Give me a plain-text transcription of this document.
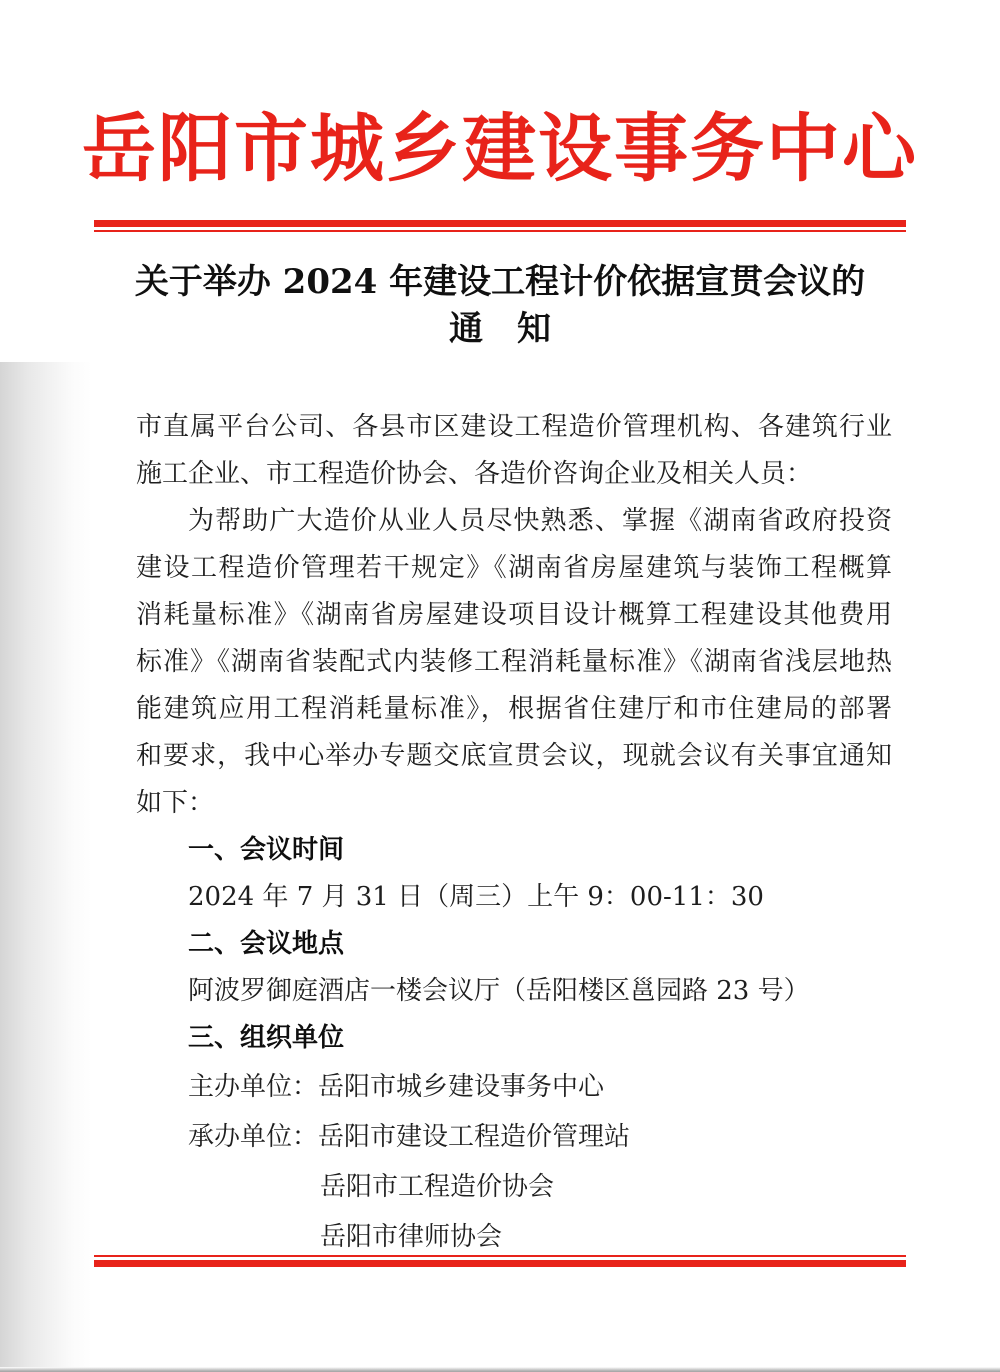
岳阳市城乡建设事务中心
关于举办 2024 年建设工程计价依据宣贯会议的
通　知
市直属平台公司、各县市区建设工程造价管理机构、各建筑行业
施工企业、市工程造价协会、各造价咨询企业及相关人员：
为帮助广大造价从业人员尽快熟悉、掌握《湖南省政府投资
建设工程造价管理若干规定》《湖南省房屋建筑与装饰工程概算
消耗量标准》《湖南省房屋建设项目设计概算工程建设其他费用
标准》《湖南省装配式内装修工程消耗量标准》《湖南省浅层地热
能建筑应用工程消耗量标准》，根据省住建厅和市住建局的部署
和要求，我中心举办专题交底宣贯会议，现就会议有关事宜通知
如下：
一、会议时间
2024 年 7 月 31 日（周三）上午 9：00-11：30
二、会议地点
阿波罗御庭酒店一楼会议厅（岳阳楼区邕园路 23 号）
三、组织单位
主办单位：岳阳市城乡建设事务中心
承办单位：岳阳市建设工程造价管理站
岳阳市工程造价协会
岳阳市律师协会
